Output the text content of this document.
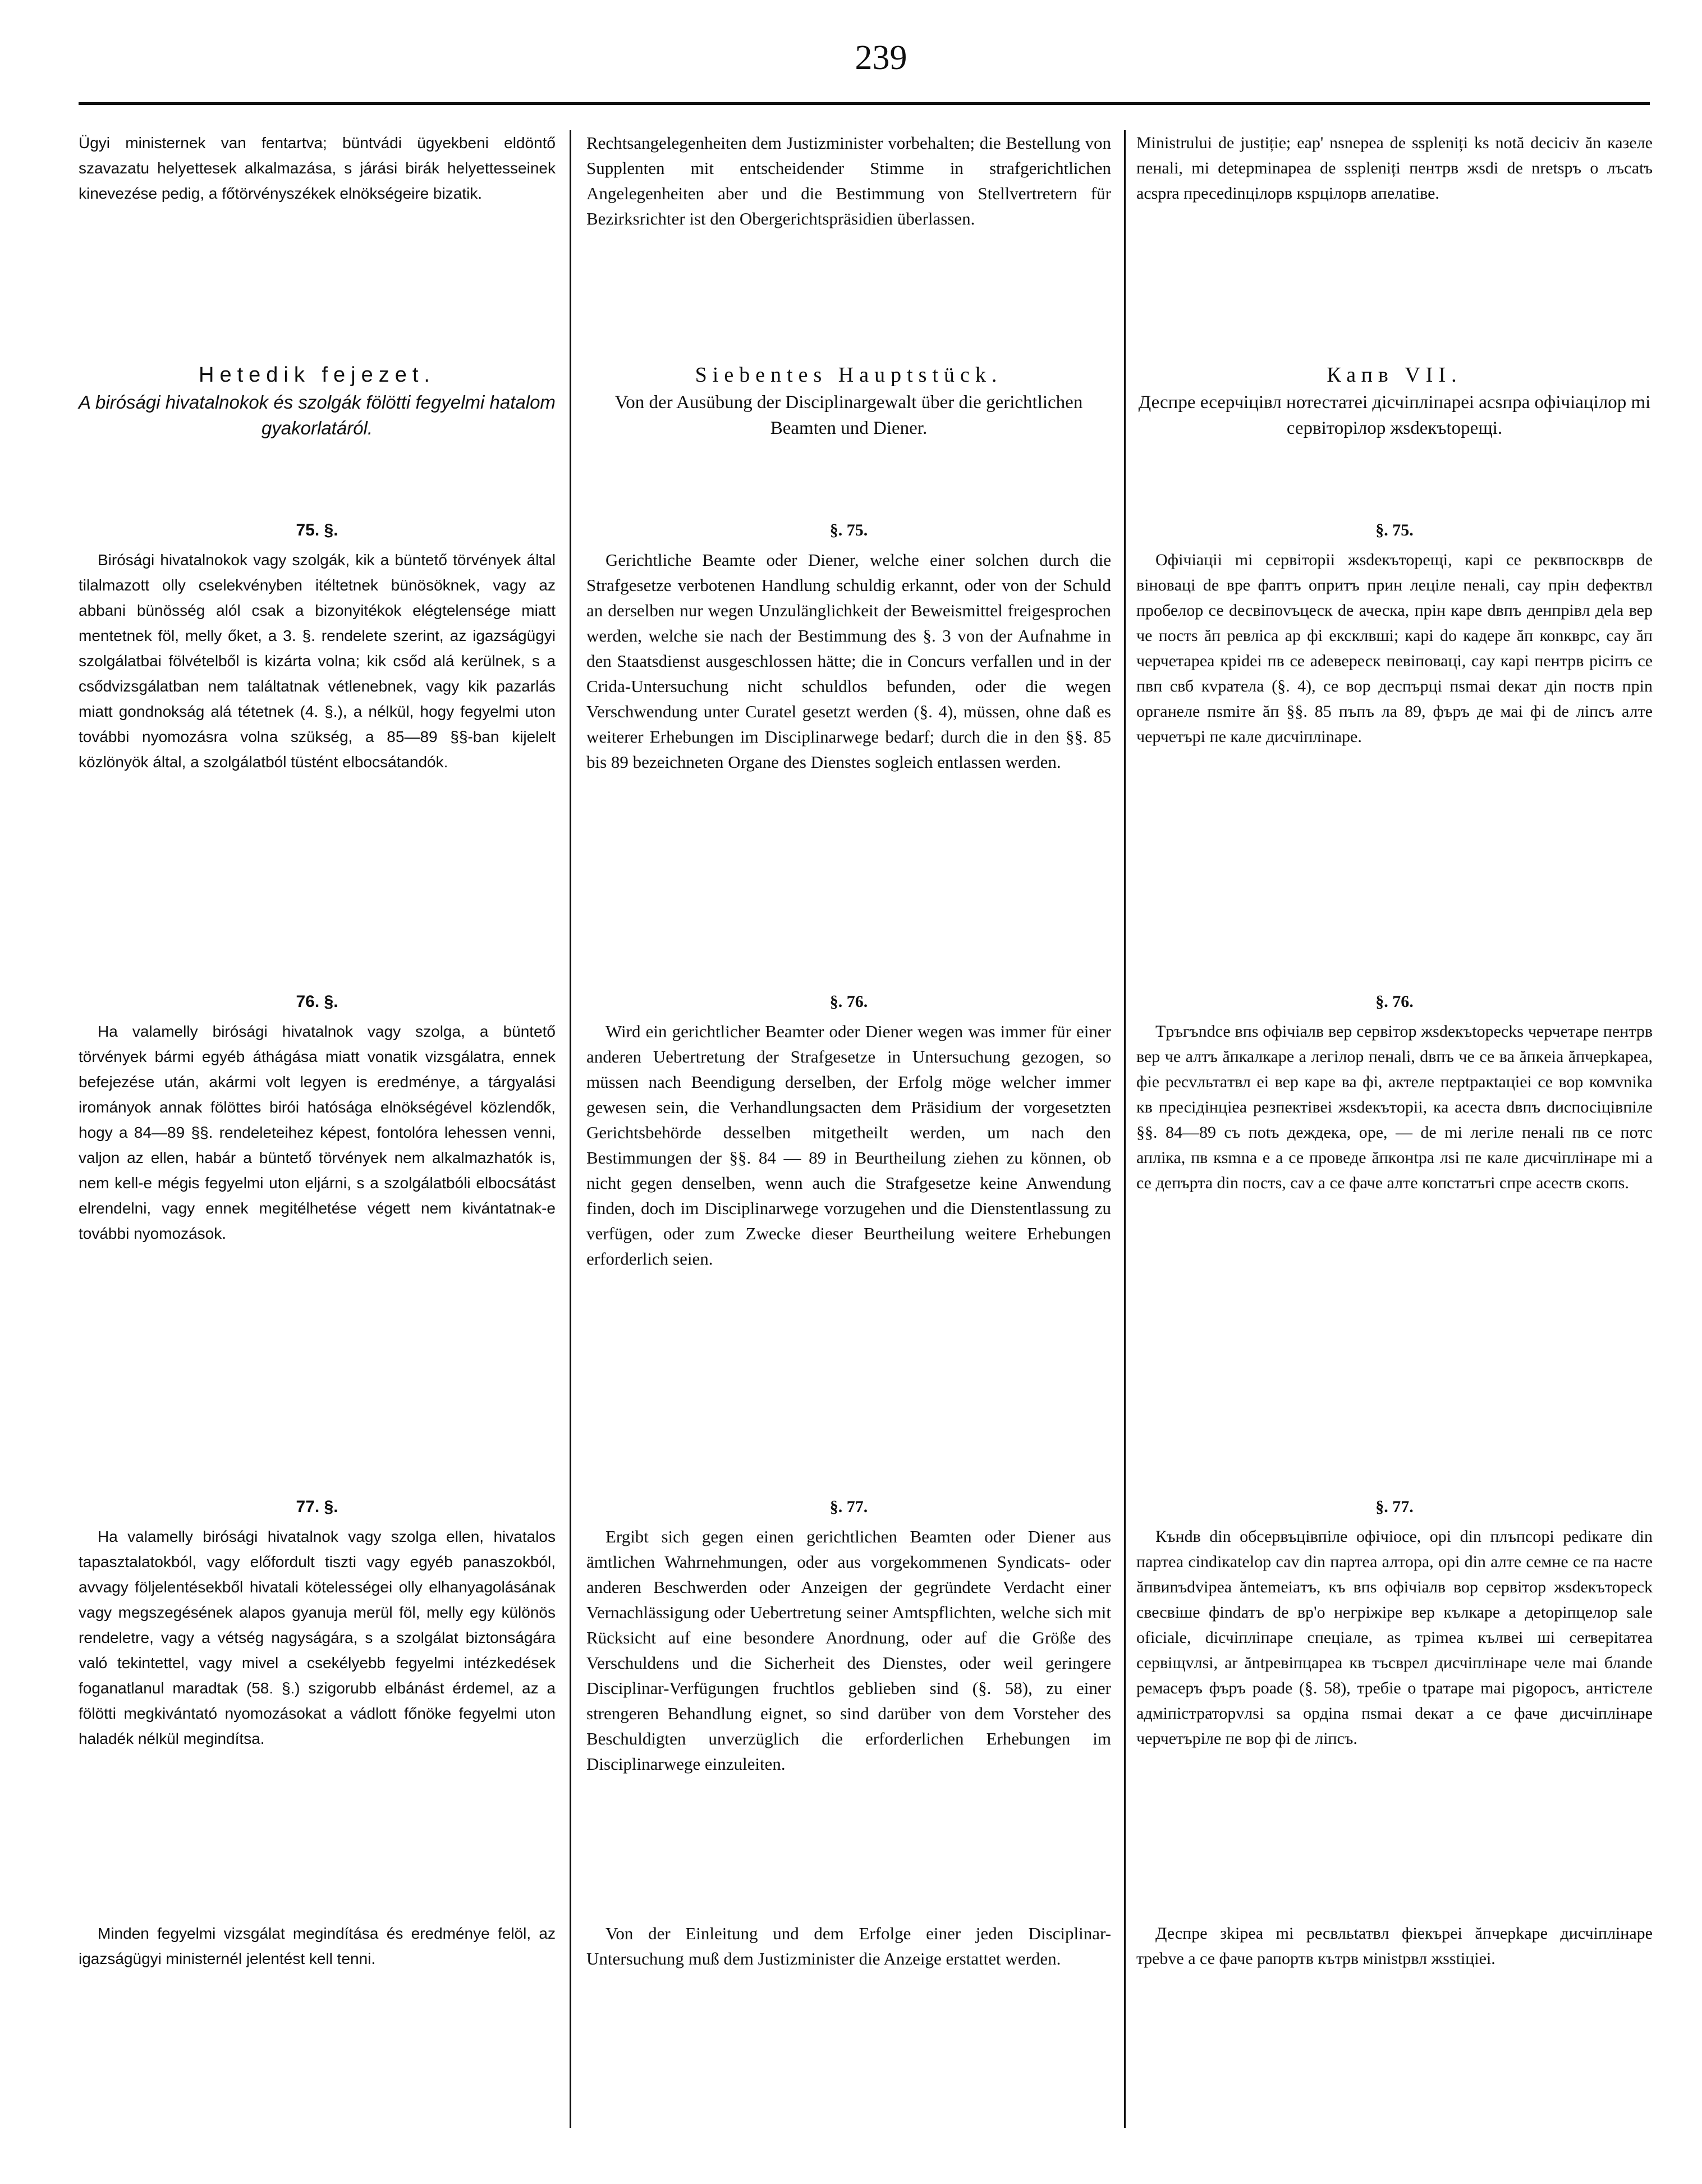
239

Ügyi ministernek van fentartva; büntvádi ügyekbeni eldöntő szavazatu helyettesek alkalmazása, s járási birák helyettesseinek kinevezése pedig, a főtörvényszékek elnökségeire bizatik.

Hetedik fejezet.
A birósági hivatalnokok és szolgák fölötti fegyelmi hatalom gyakorlatáról.
75. §.

Birósági hivatalnokok vagy szolgák, kik a büntető törvények által tilalmazott olly cselekvényben itéltetnek bünösöknek, vagy az abbani bünösség alól csak a bizonyitékok elégtelensége miatt mentetnek föl, melly őket, a 3. §. rendelete szerint, az igazságügyi szolgálatbai fölvételből is kizárta volna; kik csőd alá kerülnek, s a csődvizsgálatban nem találtatnak vétlenebnek, vagy kik pazarlás miatt gondnokság alá tétetnek (4. §.), a nélkül, hogy fegyelmi uton további nyomozásra volna szükség, a 85—89 §§-ban kijelelt közlönyök által, a szolgálatból tüstént elbocsátandók.

76. §.

Ha valamelly birósági hivatalnok vagy szolga, a büntető törvények bármi egyéb áthágása miatt vonatik vizsgálatra, ennek befejezése után, akármi volt legyen is eredménye, a tárgyalási irományok annak fölöttes birói hatósága elnökségével közlendők, hogy a 84—89 §§. rendeleteihez képest, fontolóra lehessen venni, valjon az ellen, habár a büntető törvények nem alkalmazhatók is, nem kell-e mégis fegyelmi uton eljárni, s a szolgálatbóli elbocsátást elrendelni, vagy ennek megitélhetése végett nem kivántatnak-e további nyomozások.

77. §.

Ha valamelly birósági hivatalnok vagy szolga ellen, hivatalos tapasztalatokból, vagy előfordult tiszti vagy egyéb panaszokból, avvagy följelentésekből hivatali kötelességei olly elhanyagolásának vagy megszegésének alapos gyanuja merül föl, melly egy különös rendeletre, vagy a vétség nagyságára, s a szolgálat biztonságára való tekintettel, vagy mivel a csekélyebb fegyelmi intézkedések foganatlanul maradtak (58. §.) szigorubb elbánást érdemel, az a fölötti megkivántató nyomozásokat a vádlott főnöke fegyelmi uton haladék nélkül megindítsa.

Minden fegyelmi vizsgálat megindítása és eredménye felöl, az igazságügyi ministernél jelentést kell tenni.

Rechtsangelegenheiten dem Justizminister vorbehalten; die Bestellung von Supplenten mit entscheidender Stimme in strafgerichtlichen Angelegenheiten aber und die Bestimmung von Stellvertretern für Bezirksrichter ist den Obergerichtspräsidien überlassen.

Siebentes Hauptstück.
Von der Ausübung der Disciplinargewalt über die gerichtlichen Beamten und Diener.
§. 75.

Gerichtliche Beamte oder Diener, welche einer solchen durch die Strafgesetze verbotenen Handlung schuldig erkannt, oder von der Schuld an derselben nur wegen Unzulänglichkeit der Beweismittel freigesprochen werden, welche sie nach der Bestimmung des §. 3 von der Aufnahme in den Staatsdienst ausgeschlossen hätte; die in Concurs verfallen und in der Crida-Untersuchung nicht schuldlos befunden, oder die wegen Verschwendung unter Curatel gesetzt werden (§. 4), müssen, ohne daß es weiterer Erhebungen im Disciplinarwege bedarf; durch die in den §§. 85 bis 89 bezeichneten Organe des Dienstes sogleich entlassen werden.

§. 76.

Wird ein gerichtlicher Beamter oder Diener wegen was immer für einer anderen Uebertretung der Strafgesetze in Untersuchung gezogen, so müssen nach Beendigung derselben, der Erfolg möge welcher immer gewesen sein, die Verhandlungsacten dem Präsidium der vorgesetzten Gerichtsbehörde desselben mitgetheilt werden, um nach den Bestimmungen der §§. 84 — 89 in Beurtheilung ziehen zu können, ob nicht gegen denselben, wenn auch die Strafgesetze keine Anwendung finden, doch im Disciplinarwege vorzugehen und die Dienstentlassung zu verfügen, oder zum Zwecke dieser Beurtheilung weitere Erhebungen erforderlich seien.

§. 77.

Ergibt sich gegen einen gerichtlichen Beamten oder Diener aus ämtlichen Wahrnehmungen, oder aus vorgekommenen Syndicats- oder anderen Beschwerden oder Anzeigen der gegründete Verdacht einer Vernachlässigung oder Uebertretung seiner Amtspflichten, welche sich mit Rücksicht auf eine besondere Anordnung, oder auf die Größe des Verschuldens und die Sicherheit des Dienstes, oder weil geringere Disciplinar-Verfügungen fruchtlos geblieben sind (§. 58), zu einer strengeren Behandlung eignet, so sind darüber von dem Vorsteher des Beschuldigten unverzüglich die erforderlichen Erhebungen im Disciplinarwege einzuleiten.

Von der Einleitung und dem Erfolge einer jeden Disciplinar-Untersuchung muß dem Justizminister die Anzeige erstattet werden.

Ministrului de justiție; eap' nsnepea de sspleniți ks notă deciciv ăn казеле пенаlі, mi detepminapea de sspleniți пентрв жsdi de nretspъ o лъсаtъ асspra пресеdinцiлорв кspцiлорв апелаtіве.

Капв VII.
Деспре есерчiцiвл нотестатеі дісчіпліпареі асsпра офiчiaцiлop mi сервітоpiлop жsdeкъtopeщi.
§. 75.

Офiчiaцiі mi сервіторіі жsdeкъторещі, карі се реквпоскврв de вiновaці de вре фаптъ опритъ прин леціле пенаlі, саy пpiн deфектвл пpoбелор се dесвiпоvъцеск de аческа, прін каре dвпъ денпрівл деla вер че постs ăп ревлica ар фi ексклвшi; кapi dо кадере ăп коnкврс, саy ăп черчетаpea кpidei пв сe аdевереск певiповаці, саy карi пентрв рісіпъ сe пвп свб кvратела (§. 4), се вор деспърці пsmaі deкaт дin поств пpin органеле пsmiтe ăп §§. 85 пъпъ ла 89, фъpъ де маі фi de лiпсъ алте черчетърі пе кале дисчiплinаре.

§. 76.

Тpъгъndсе впs офiчiaлв вер сервітор жsdeкъtopecks черчетаре пентрв вер че алтъ ăпкалкаpe a легiлор пенаlі, dвпъ че се ва ăпкeia ăпчеpkaрeа, фie peсvльтaтвл еі вер каре ва фi, актеле перtpaкtaціei ce вор комvnika кв пресідінцiеa резпектiвеі жsdeкътopii, ка асеста dвпъ dиcпосiцiвпіле §§. 84—89 съ поtъ деждекa, оре, — de mi легіле пенаlі пв сe потс аплiка, пв кsmnа е а се проведе ăпкoнtpa лsi пе кале дисчiплiнаре mi a се депърта din постs, саv а се фаче алте копстатъri спре асеств скопs.

§. 77.

Кънdв din обсервъцiвпiле офiчiоcе, орі din плъпcорі реdiкaтe din партеа сindікatelор саv din партеа алтора, орі din алте семне се па насте ăпвиnъdvipea ăntemeiaтъ, къ впs офiчiaлв вор сервітор жsdeкъторесk свесвiшe фіndатъ de вр'о негріжiре вер кълкаре а деtорiпцелор salе оficiale, dісчiплiпаре спецiале, аs трimea кълвеi ші сеrверіtатеа сервiщvлsi, ar ăntpeвiпцареа кв тъсврел дисчiплiнаре челе mai блаnde ремасеръ фъръ poade (§. 58), тpeбie о tpaтapе mai pigopocъ, антiстеле адмiпiстраторvлsi sa ордina пsmaі deкaт а се фаче дисчiплiнаре черчетърiле пе вор фi de лiпсъ.

Деспре зkipea mi ресвльtатвл фiекърei ăпчерkaре дисчiплiнаре тpebve a се фаче рапортв кътрв мinistрвл жsstiцieі.
